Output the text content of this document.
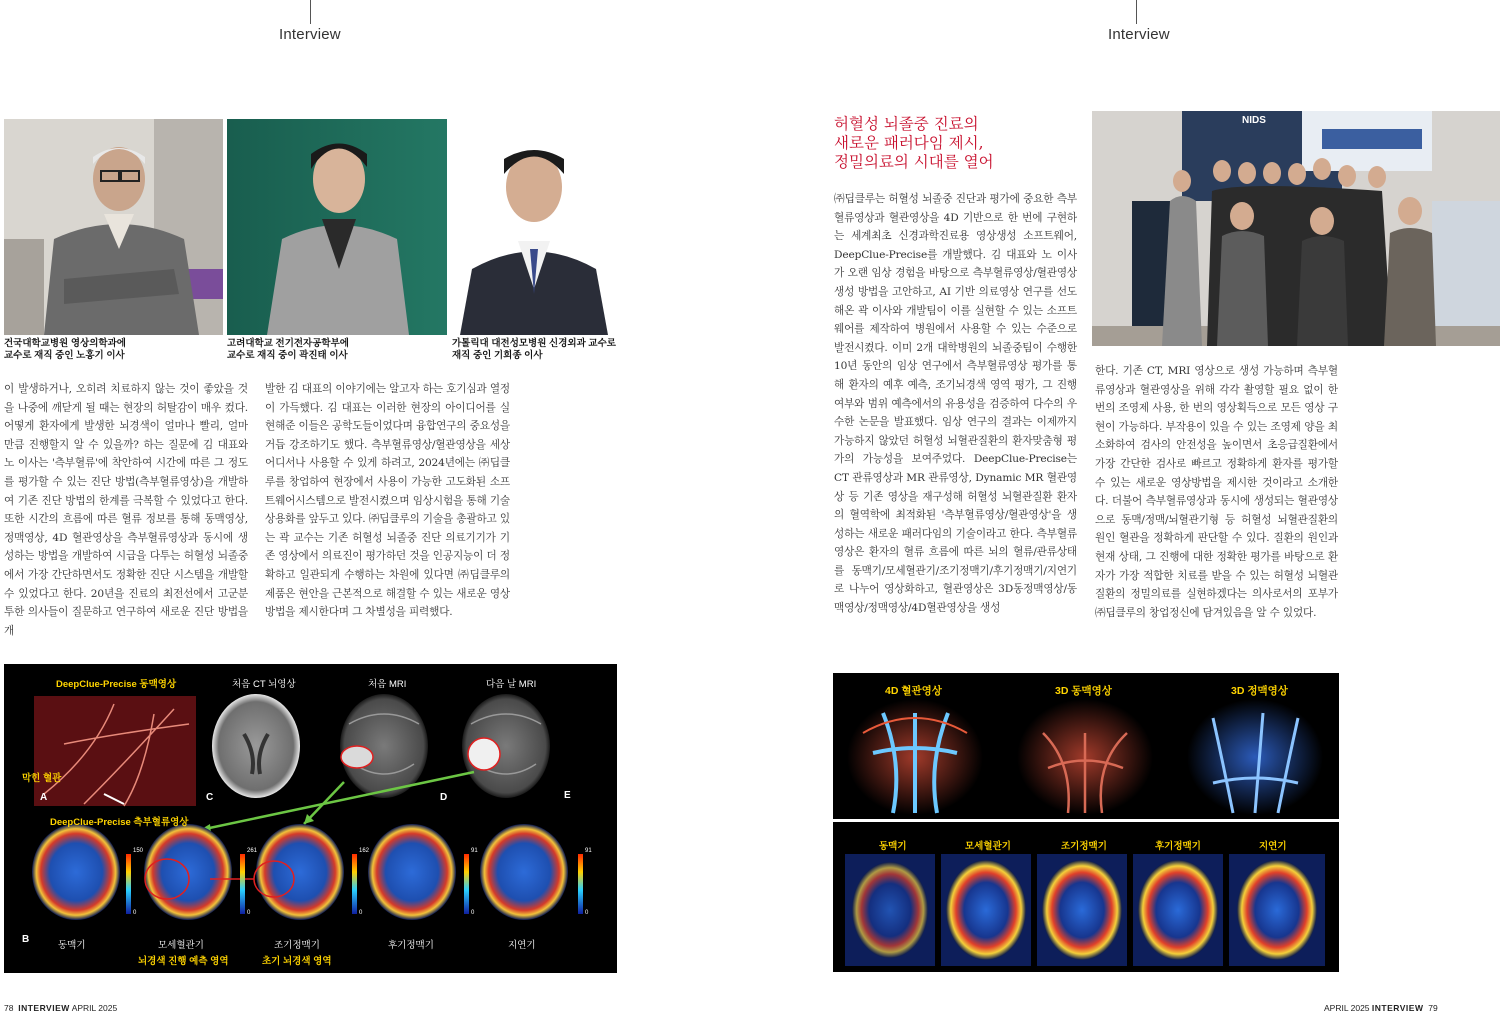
Interview
건국대학교병원 영상의학과에
교수로 재직 중인 노홍기 이사
고려대학교 전기전자공학부에
교수로 재직 중이 곽진태 이사
가톨릭대 대전성모병원 신경외과 교수로
재직 중인 기희종 이사
이 발생하거나, 오히려 치료하지 않는 것이 좋았을 것을 나중에 깨닫게 될 때는 현장의 허탈감이 매우 컸다. 어떻게 환자에게 발생한 뇌경색이 얼마나 빨리, 얼마만큼 진행할지 알 수 있을까? 하는 질문에 김 대표와 노 이사는 '측부혈류'에 착안하여 시간에 따른 그 정도를 평가할 수 있는 진단 방법(측부혈류영상)을 개발하여 기존 진단 방법의 한계를 극복할 수 있었다고 한다. 또한 시간의 흐름에 따른 혈류 정보를 통해 동맥영상, 정맥영상, 4D 혈관영상을 측부혈류영상과 동시에 생성하는 방법을 개발하여 시급을 다투는 허혈성 뇌졸중에서 가장 간단하면서도 정확한 진단 시스템을 개발할 수 있었다고 한다. 20년을 진료의 최전선에서 고군분투한 의사들이 질문하고 연구하여 새로운 진단 방법을 개
발한 김 대표의 이야기에는 알고자 하는 호기심과 열정이 가득했다. 김 대표는 이러한 현장의 아이디어를 실현해준 이들은 공학도들이었다며 융합연구의 중요성을 거듭 강조하기도 했다. 측부혈류영상/혈관영상을 세상 어디서나 사용할 수 있게 하려고, 2024년에는 ㈜딥클루를 창업하여 현장에서 사용이 가능한 고도화된 소프트웨어시스템으로 발전시켰으며 임상시험을 통해 기술 상용화를 앞두고 있다. ㈜딥클루의 기술을 총괄하고 있는 곽 교수는 기존 허혈성 뇌졸중 진단 의료기기가 기존 영상에서 의료진이 평가하던 것을 인공지능이 더 정확하고 일관되게 수행하는 차원에 있다면 ㈜딥클루의 제품은 현안을 근본적으로 해결할 수 있는 새로운 영상 방법을 제시한다며 그 차별성을 피력했다.
DeepClue-Precise 동맥영상	처음 CT 뇌영상	처음 MRI	다음 날 MRI
막힌 혈관
DeepClue-Precise 측부혈류영상
A
B
C	D	E
150	261	162	91	91
0	0	0	0	0
동맥기	모세혈관기	조기정맥기	후기정맥기	지연기
뇌경색 진행 예측 영역	초기 뇌경색 영역
78 INTERVIEW APRIL 2025
Interview
허혈성 뇌졸중 진료의
새로운 패러다임 제시,
정밀의료의 시대를 열어
NIDS
㈜딥클루는 허혈성 뇌졸중 진단과 평가에 중요한 측부혈류영상과 혈관영상을 4D 기반으로 한 번에 구현하는 세계최초 신경과학진료용 영상생성 소프트웨어, DeepClue-Precise를 개발했다. 김 대표와 노 이사가 오랜 임상 경험을 바탕으로 측부혈류영상/혈관영상 생성 방법을 고안하고, AI 기반 의료영상 연구를 선도해온 곽 이사와 개발팀이 이를 실현할 수 있는 소프트웨어를 제작하여 병원에서 사용할 수 있는 수준으로 발전시켰다. 이미 2개 대학병원의 뇌졸중팀이 수행한 10년 동안의 임상 연구에서 측부혈류영상 평가를 통해 환자의 예후 예측, 조기뇌경색 영역 평가, 그 진행 여부와 범위 예측에서의 유용성을 검증하여 다수의 우수한 논문을 발표했다. 임상 연구의 결과는 이제까지 가능하지 않았던 허혈성 뇌혈관질환의 환자맞춤형 평가의 가능성을 보여주었다. DeepClue-Precise는 CT 관류영상과 MR 관류영상, Dynamic MR 혈관영상 등 기존 영상을 재구성해 허혈성 뇌혈관질환 환자의 혈역학에 최적화된 '측부혈류영상/혈관영상'을 생성하는 새로운 패러다임의 기술이라고 한다. 측부혈류영상은 환자의 혈류 흐름에 따른 뇌의 혈류/관류상태를 동맥기/모세혈관기/조기정맥기/후기정맥기/지연기로 나누어 영상화하고, 혈관영상은 3D동정맥영상/동맥영상/정맥영상/4D혈관영상을 생성
한다. 기존 CT, MRI 영상으로 생성 가능하며 측부혈류영상과 혈관영상을 위해 각각 촬영할 필요 없이 한 번의 조영제 사용, 한 번의 영상획득으로 모든 영상 구현이 가능하다. 부작용이 있을 수 있는 조영제 양을 최소화하여 검사의 안전성을 높이면서 초응급질환에서 가장 간단한 검사로 빠르고 정확하게 환자를 평가할 수 있는 새로운 영상방법을 제시한 것이라고 소개한다. 더불어 측부혈류영상과 동시에 생성되는 혈관영상으로 동맥/정맥/뇌혈관기형 등 허혈성 뇌혈관질환의 원인 혈관을 정확하게 판단할 수 있다. 질환의 원인과 현재 상태, 그 진행에 대한 정확한 평가를 바탕으로 환자가 가장 적합한 치료를 받을 수 있는 허혈성 뇌혈관질환의 정밀의료를 실현하겠다는 의사로서의 포부가 ㈜딥클루의 창업정신에 담겨있음을 알 수 있었다.
4D 혈관영상	3D 동맥영상	3D 정맥영상
동맥기	모세혈관기	조기정맥기	후기정맥기	지연기
APRIL 2025 INTERVIEW 79
